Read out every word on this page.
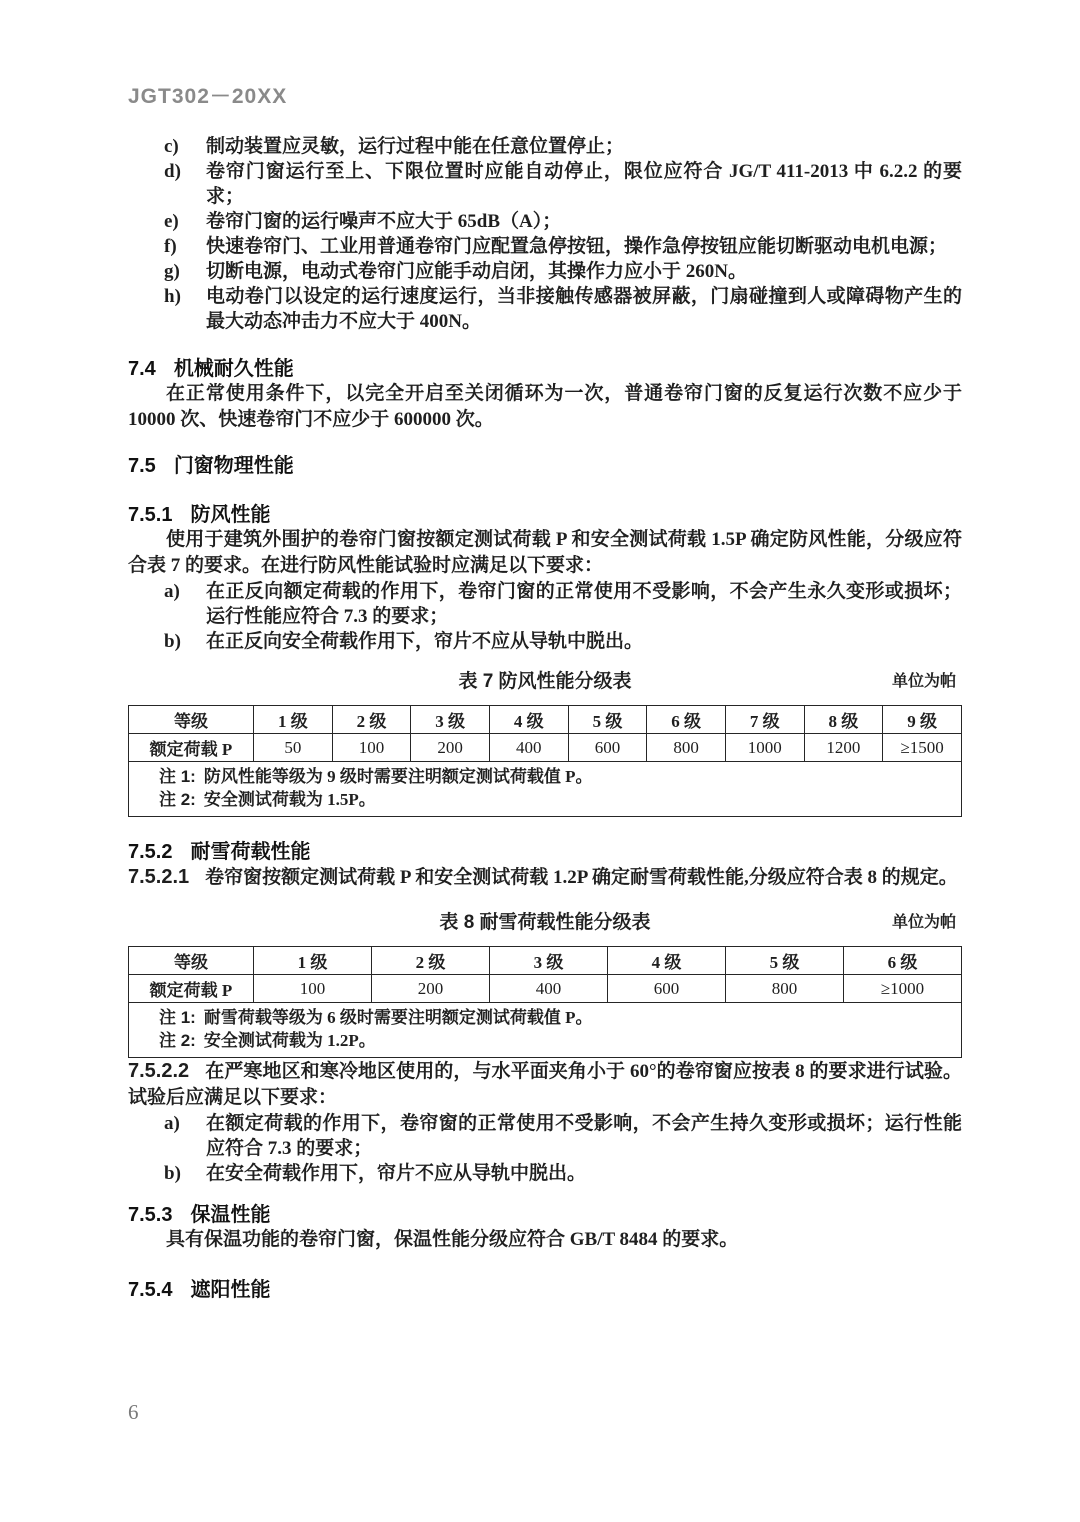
JGT302－20XX
c)	制动装置应灵敏，运行过程中能在任意位置停止；
d)	卷帘门窗运行至上、下限位置时应能自动停止，限位应符合 JG/T 411-2013 中 6.2.2 的要求；
e)	卷帘门窗的运行噪声不应大于 65dB（A）；
f)	快速卷帘门、工业用普通卷帘门应配置急停按钮，操作急停按钮应能切断驱动电机电源；
g)	切断电源，电动式卷帘门应能手动启闭，其操作力应小于 260N。
h)	电动卷门以设定的运行速度运行，当非接触传感器被屏蔽，门扇碰撞到人或障碍物产生的最大动态冲击力不应大于 400N。
7.4 机械耐久性能

在正常使用条件下，以完全开启至关闭循环为一次，普通卷帘门窗的反复运行次数不应少于 10000 次、快速卷帘门不应少于 600000 次。

7.5 门窗物理性能
7.5.1 防风性能

使用于建筑外围护的卷帘门窗按额定测试荷载 P 和安全测试荷载 1.5P 确定防风性能，分级应符合表 7 的要求。在进行防风性能试验时应满足以下要求：

a)	在正反向额定荷载的作用下，卷帘门窗的正常使用不受影响，不会产生永久变形或损坏；运行性能应符合 7.3 的要求；
b)	在正反向安全荷载作用下，帘片不应从导轨中脱出。
表 7 防风性能分级表	单位为帕
等级	1 级	2 级	3 级	4 级	5 级	6 级	7 级	8 级	9 级
额定荷载 P	50	100	200	400	600	800	1000	1200	≥1500

注 1: 防风性能等级为 9 级时需要注明额定测试荷载值 P。
注 2: 安全测试荷载为 1.5P。									
7.5.2 耐雪荷载性能

7.5.2.1 卷帘窗按额定测试荷载 P 和安全测试荷载 1.2P 确定耐雪荷载性能,分级应符合表 8 的规定。

表 8 耐雪荷载性能分级表	单位为帕
等级	1 级	2 级	3 级	4 级	5 级	6 级
额定荷载 P	100	200	400	600	800	≥1000

注 1: 耐雪荷载等级为 6 级时需要注明额定测试荷载值 P。
注 2: 安全测试荷载为 1.2P。						

7.5.2.2 在严寒地区和寒冷地区使用的，与水平面夹角小于 60°的卷帘窗应按表 8 的要求进行试验。试验后应满足以下要求：

a)	在额定荷载的作用下，卷帘窗的正常使用不受影响，不会产生持久变形或损坏；运行性能应符合 7.3 的要求；
b)	在安全荷载作用下，帘片不应从导轨中脱出。
7.5.3 保温性能

具有保温功能的卷帘门窗，保温性能分级应符合 GB/T 8484 的要求。

7.5.4 遮阳性能
6
